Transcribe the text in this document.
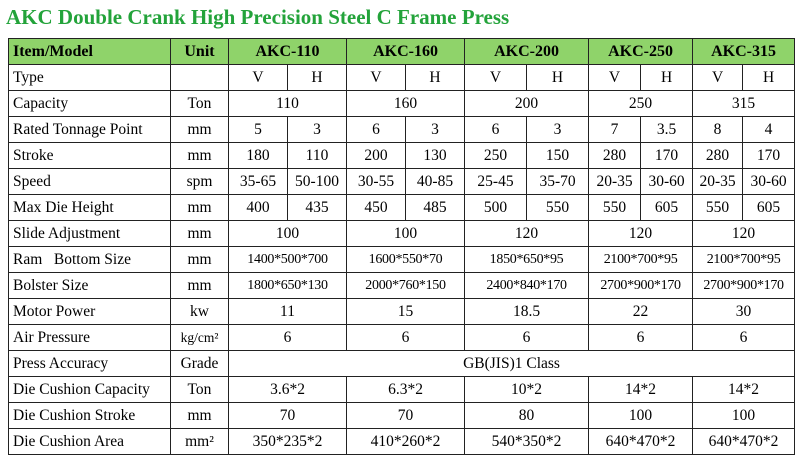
AKC Double Crank High Precision Steel C Frame Press
Item/Model	Unit	AKC-110		AKC-160		AKC-200		AKC-250		AKC-315	
Type		V	H	V	H	V	H	V	H	V	H
Capacity	Ton	110		160		200		250		315	
Rated Tonnage Point	mm	5	3	6	3	6	3	7	3.5	8	4
Stroke	mm	180	110	200	130	250	150	280	170	280	170
Speed	spm	35-65	50-100	30-55	40-85	25-45	35-70	20-35	30-60	20-35	30-60
Max Die Height	mm	400	435	450	485	500	550	550	605	550	605
Slide Adjustment	mm	100		100		120		120		120	
Ram   Bottom Size	mm	1400*500*700		1600*550*70		1850*650*95		2100*700*95		2100*700*95	
Bolster Size	mm	1800*650*130		2000*760*150		2400*840*170		2700*900*170		2700*900*170	
Motor Power	kw	11		15		18.5		22		30	
Air Pressure	kg/cm²	6		6		6		6		6	
Press Accuracy	Grade	GB(JIS)1 Class									
Die Cushion Capacity	Ton	3.6*2		6.3*2		10*2		14*2		14*2	
Die Cushion Stroke	mm	70		70		80		100		100	
Die Cushion Area	mm²	350*235*2		410*260*2		540*350*2		640*470*2		640*470*2	
